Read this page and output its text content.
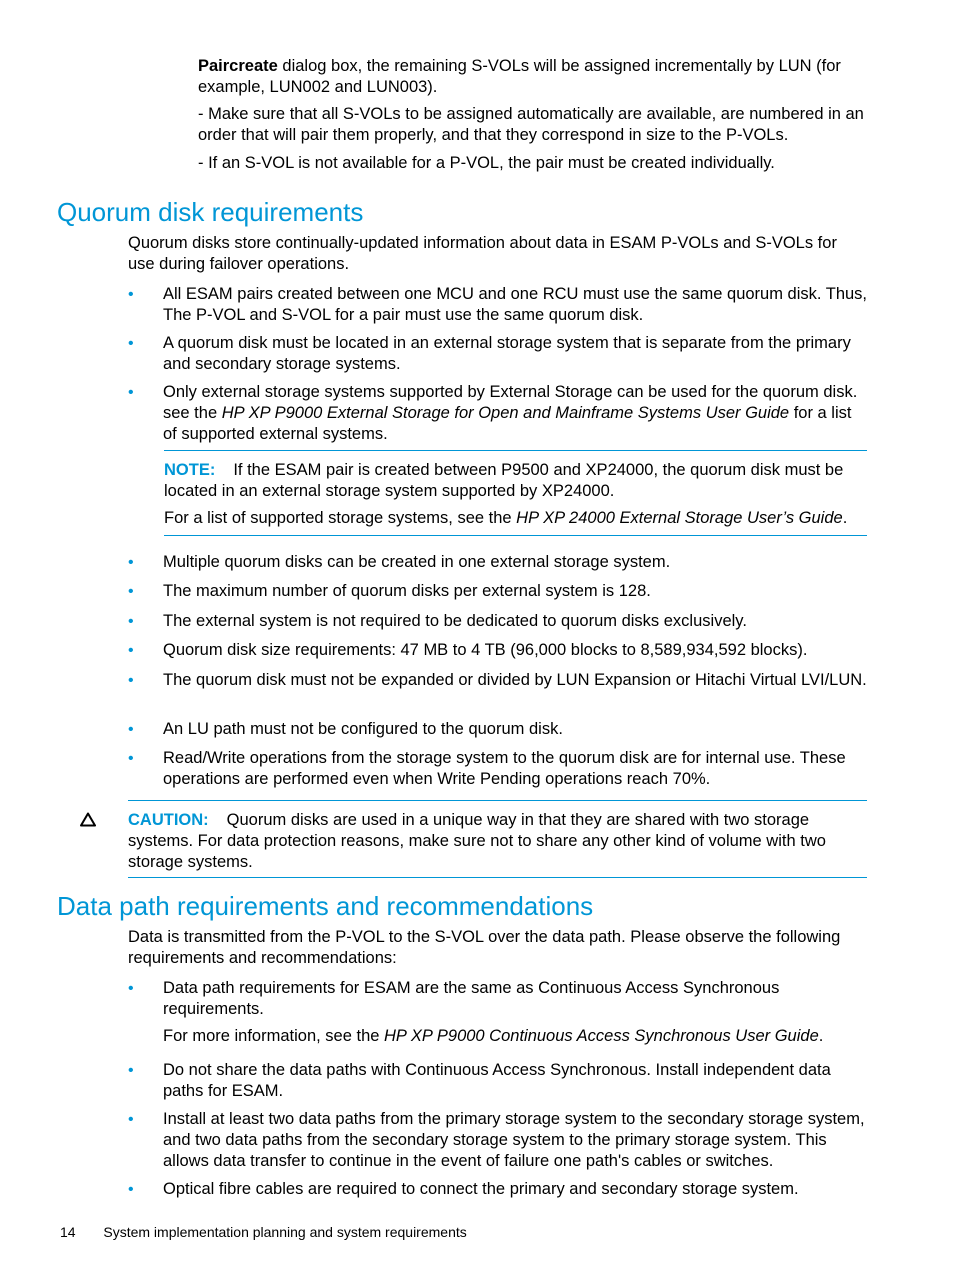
Paircreate dialog box, the remaining S-VOLs will be assigned incrementally by LUN (for example, LUN002 and LUN003).

- Make sure that all S-VOLs to be assigned automatically are available, are numbered in an order that will pair them properly, and that they correspond in size to the P-VOLs.
- If an S-VOL is not available for a P-VOL, the pair must be created individually.
Quorum disk requirements
Quorum disks store continually-updated information about data in ESAM P-VOLs and S-VOLs for use during failover operations.
• All ESAM pairs created between one MCU and one RCU must use the same quorum disk. Thus, The P-VOL and S-VOL for a pair must use the same quorum disk.
• A quorum disk must be located in an external storage system that is separate from the primary and secondary storage systems.
• Only external storage systems supported by External Storage can be used for the quorum disk. see the HP XP P9000 External Storage for Open and Mainframe Systems User Guide for a list of supported external systems.
NOTE: If the ESAM pair is created between P9500 and XP24000, the quorum disk must be located in an external storage system supported by XP24000.
For a list of supported storage systems, see the HP XP 24000 External Storage User’s Guide.
• Multiple quorum disks can be created in one external storage system.
• The maximum number of quorum disks per external system is 128.
• The external system is not required to be dedicated to quorum disks exclusively.
• Quorum disk size requirements: 47 MB to 4 TB (96,000 blocks to 8,589,934,592 blocks).
• The quorum disk must not be expanded or divided by LUN Expansion or Hitachi Virtual LVI/LUN.
• An LU path must not be configured to the quorum disk.
• Read/Write operations from the storage system to the quorum disk are for internal use. These operations are performed even when Write Pending operations reach 70%.
CAUTION: Quorum disks are used in a unique way in that they are shared with two storage systems. For data protection reasons, make sure not to share any other kind of volume with two storage systems.
Data path requirements and recommendations
Data is transmitted from the P-VOL to the S-VOL over the data path. Please observe the following requirements and recommendations:
• Data path requirements for ESAM are the same as Continuous Access Synchronous requirements.
For more information, see the HP XP P9000 Continuous Access Synchronous User Guide.
• Do not share the data paths with Continuous Access Synchronous. Install independent data paths for ESAM.
• Install at least two data paths from the primary storage system to the secondary storage system, and two data paths from the secondary storage system to the primary storage system. This allows data transfer to continue in the event of failure one path's cables or switches.
• Optical fibre cables are required to connect the primary and secondary storage system.
14 System implementation planning and system requirements
